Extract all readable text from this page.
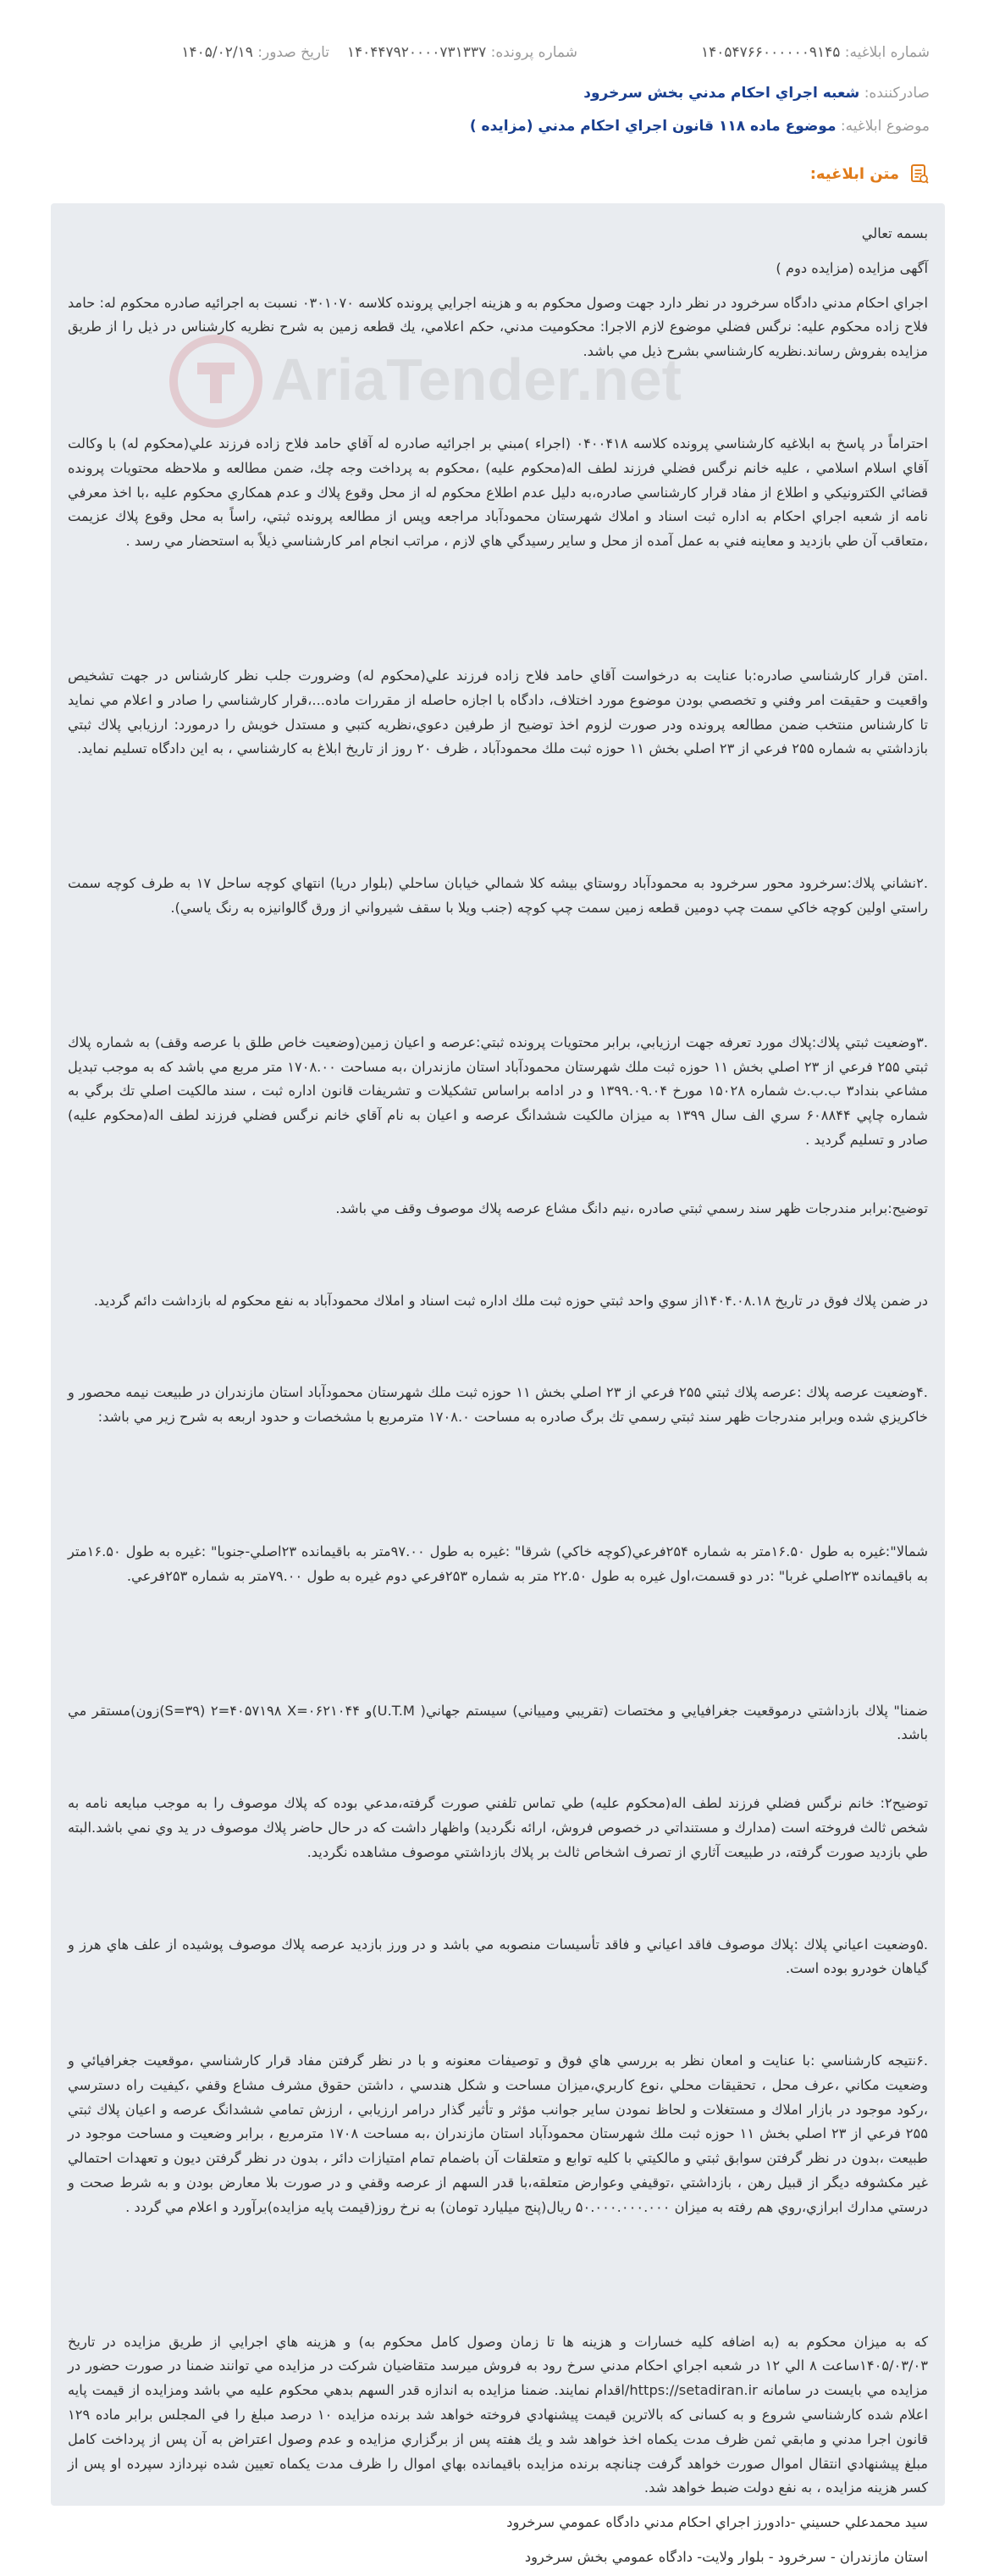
شماره ابلاغیه: ۱۴۰۵۴۷۶۶۰۰۰۰۰۰۹۱۴۵
شماره پرونده: ۱۴۰۴۴۷۹۲۰۰۰۰۷۳۱۳۳۷
تاریخ صدور: ۱۴۰۵/۰۲/۱۹
صادرکننده: شعبه اجراي احكام مدني بخش سرخرود
موضوع ابلاغیه: موضوع ماده ۱۱۸ قانون اجراي احكام مدني (مزايده )
متن ابلاغیه:
AriaTender.net

بسمه تعالي

آگهی مزایده (مزایده دوم )

اجراي احكام مدني دادگاه سرخرود در نظر دارد جهت وصول محكوم به و هزينه اجرايي پرونده كلاسه ۰۳۰۱۰۷۰ نسبت به اجرائيه صادره محكوم له: حامد فلاح زاده محكوم عليه: نرگس فضلي موضوع لازم الاجرا: محكوميت مدني، حكم اعلامي، يك قطعه زمين به شرح نظريه كارشناس در ذيل را از طريق مزايده بفروش رساند.نظريه كارشناسي بشرح ذيل مي باشد.

احتراماً در پاسخ به ابلاغيه كارشناسي پرونده كلاسه ۰۴۰۰۴۱۸ (اجراء )مبني بر اجرائيه صادره له آقاي حامد فلاح زاده فرزند علي(محكوم له) با وكالت آقاي اسلام اسلامي ، عليه خانم نرگس فضلي فرزند لطف اله(محكوم عليه) ،محكوم به پرداخت وجه چك، ضمن مطالعه و ملاحظه محتويات پرونده قضائي الكترونيكي و اطلاع از مفاد قرار كارشناسي صادره،به دليل عدم اطلاع محكوم له از محل وقوع پلاك و عدم همكاري محكوم عليه ،با اخذ معرفي نامه از شعبه اجراي احكام به اداره ثبت اسناد و املاك شهرستان محمودآباد مراجعه وپس از مطالعه پرونده ثبتي، راساً به محل وقوع پلاك عزيمت ،متعاقب آن طي بازديد و معاينه فني به عمل آمده از محل و ساير رسيدگي هاي لازم ، مراتب انجام امر كارشناسي ذيلاً به استحضار مي رسد .

.امتن قرار كارشناسي صادره:با عنايت به درخواست آقاي حامد فلاح زاده فرزند علي(محكوم له) وضرورت جلب نظر كارشناس در جهت تشخيص واقعيت و حقيقت امر وفني و تخصصي بودن موضوع مورد اختلاف، دادگاه با اجازه حاصله از مقررات ماده...،قرار كارشناسي را صادر و اعلام مي نمايد تا كارشناس منتخب ضمن مطالعه پرونده ودر صورت لزوم اخذ توضيح از طرفين دعوي،نظريه كتبي و مستدل خويش را درمورد: ارزيابي پلاك ثبتي بازداشتي به شماره ۲۵۵ فرعي از ۲۳ اصلي بخش ۱۱ حوزه ثبت ملك محمودآباد ، ظرف ۲۰ روز از تاريخ ابلاغ به كارشناسي ، به اين دادگاه تسليم نمايد.

.۲نشاني پلاك:سرخرود محور سرخرود به محمودآباد روستاي بيشه كلا شمالي خيابان ساحلي (بلوار دريا) انتهاي كوچه ساحل ۱۷ به طرف كوچه سمت راستي اولين كوچه خاكي سمت چپ دومين قطعه زمين سمت چپ كوچه (جنب ويلا با سقف شيرواني از ورق گالوانيزه به رنگ ياسي).

.۳وضعيت ثبتي پلاك:پلاك مورد تعرفه جهت ارزيابي، برابر محتويات پرونده ثبتي:عرصه و اعيان زمين(وضعيت خاص طلق با عرصه وقف) به شماره پلاك ثبتي ۲۵۵ فرعي از ۲۳ اصلي بخش ۱۱ حوزه ثبت ملك شهرستان محمودآباد استان مازندران ،به مساحت ۱۷۰۸.۰۰ متر مربع مي باشد كه به موجب تبديل مشاعي بنداد۳ ب.ب.ث شماره ۱۵۰۲۸ مورخ ۱۳۹۹.۰۹.۰۴ و در ادامه براساس تشكيلات و تشريفات قانون اداره ثبت ، سند مالكيت اصلي تك برگي به شماره چاپي ۶۰۸۸۴۴ سري الف سال ۱۳۹۹ به ميزان مالكيت ششدانگ عرصه و اعيان به نام آقاي خانم نرگس فضلي فرزند لطف اله(محكوم عليه) صادر و تسليم گرديد .

توضيح:برابر مندرجات ظهر سند رسمي ثبتي صادره ،نيم دانگ مشاع عرصه پلاك موصوف وقف مي باشد.

در ضمن پلاك فوق در تاريخ ۱۴۰۴.۰۸.۱۸از سوي واحد ثبتي حوزه ثبت ملك اداره ثبت اسناد و املاك محمودآباد به نفع محكوم له بازداشت دائم گرديد.

.۴وضعيت عرصه پلاك :عرصه پلاك ثبتي ۲۵۵ فرعي از ۲۳ اصلي بخش ۱۱ حوزه ثبت ملك شهرستان محمودآباد استان مازندران در طبيعت نيمه محصور و خاكريزي شده وبرابر مندرجات ظهر سند ثبتي رسمي تك برگ صادره به مساحت ۱۷۰۸.۰ مترمربع با مشخصات و حدود اربعه به شرح زير مي باشد:

شمالا":غيره به طول ۱۶.۵۰متر به شماره ۲۵۴فرعي(كوچه خاكي) شرقا" :غيره به طول ۹۷.۰۰متر به باقيمانده ۲۳اصلي-جنوبا" :غيره به طول ۱۶.۵۰متر به باقيمانده ۲۳اصلي غربا" :در دو قسمت،اول غيره به طول ۲۲.۵۰ متر به شماره ۲۵۳فرعي دوم غيره به طول ۷۹.۰۰متر به شماره ۲۵۳فرعي.

ضمنا" پلاك بازداشتي درموقعيت جغرافيايي و مختصات (تقريبي وميياني) سيستم جهاني( U.T.M)و S=۳۹) ۲=۴۰۵۷۱۹۸ X=۰۶۲۱۰۴۴)زون)مستقر مي باشد.

توضيح۲: خانم نرگس فضلي فرزند لطف اله(محكوم عليه) طي تماس تلفني صورت گرفته،مدعي بوده كه پلاك موصوف را به موجب مبايعه نامه به شخص ثالث فروخته است (مدارك و مستنداتي در خصوص فروش، ارائه نگرديد) واظهار داشت كه در حال حاضر پلاك موصوف در يد وي نمي باشد.البته طي بازديد صورت گرفته، در طبيعت آثاري از تصرف اشخاص ثالث بر پلاك بازداشتي موصوف مشاهده نگرديد.

.۵وضعيت اعياني پلاك :پلاك موصوف فاقد اعياني و فاقد تأسيسات منصوبه مي باشد و در ورز بازديد عرصه پلاك موصوف پوشيده از علف هاي هرز و گياهان خودرو بوده است.

.۶نتيجه كارشناسي :با عنايت و امعان نظر به بررسي هاي فوق و توصيفات معنونه و با در نظر گرفتن مفاد قرار كارشناسي ،موقعيت جغرافيائي و وضعيت مكاني ،عرف محل ، تحقيقات محلي ،نوع كاربري،ميزان مساحت و شكل هندسي ، داشتن حقوق مشرف مشاع وقفي ،كيفيت راه دسترسي ،ركود موجود در بازار املاك و مستغلات و لحاظ نمودن ساير جوانب مؤثر و تأثير گذار درامر ارزيابي ، ارزش تمامي ششدانگ عرصه و اعيان پلاك ثبتي ۲۵۵ فرعي از ۲۳ اصلي بخش ۱۱ حوزه ثبت ملك شهرستان محمودآباد استان مازندران ،به مساحت ۱۷۰۸ مترمربع ، برابر وضعيت و مساحت موجود در طبيعت ،بدون در نظر گرفتن سوابق ثبتي و مالكيتي با كليه توابع و متعلقات آن باضمام تمام امتيازات دائر ، بدون در نظر گرفتن ديون و تعهدات احتمالي غير مكشوفه ديگر از قبيل رهن ، بازداشتي ،توقيفي وعوارض متعلقه،با قدر السهم از عرصه وقفي و در صورت بلا معارض بودن و به شرط صحت و درستي مدارك ابرازي،روي هم رفته به ميزان ۵۰.۰۰۰.۰۰۰.۰۰۰ ريال(پنج ميليارد تومان) به نرخ روز(قيمت پايه مزايده)برآورد و اعلام مي گردد .

كه به ميزان محكوم به (به اضافه كليه خسارات و هزينه ها تا زمان وصول كامل محكوم به) و هزينه هاي اجرايي از طريق مزايده در تاريخ ۱۴۰۵/۰۳/۰۳ساعت ۸ الي ۱۲ در شعبه اجراي احكام مدني سرخ رود به فروش ميرسد متقاضيان شركت در مزايده مي توانند ضمنا در صورت حضور در مزايده مي بايست در سامانه https://setadiran.ir/اقدام نمايند. ضمنا مزايده به اندازه قدر السهم بدهي محكوم عليه مي باشد ومزايده از قيمت پايه اعلام شده كارشناسي شروع و به كسانی كه بالاترين قيمت پيشنهادي فروخته خواهد شد برنده مزايده ۱۰ درصد مبلغ را في المجلس برابر ماده ۱۲۹ قانون اجرا مدني و مابقي ثمن ظرف مدت يكماه اخذ خواهد شد و يك هفته پس از برگزاري مزايده و عدم وصول اعتراض به آن پس از پرداخت كامل مبلغ پيشنهادي انتقال اموال صورت خواهد گرفت چنانچه برنده مزايده باقيمانده بهاي اموال را ظرف مدت يكماه تعيين شده نپردازد سپرده او پس از كسر هزينه مزايده ، به نفع دولت ضبط خواهد شد.

سيد محمدعلي حسيني -دادورز اجراي احكام مدني دادگاه عمومي سرخرود

استان مازندران - سرخرود - بلوار ولايت- دادگاه عمومي بخش سرخرود
